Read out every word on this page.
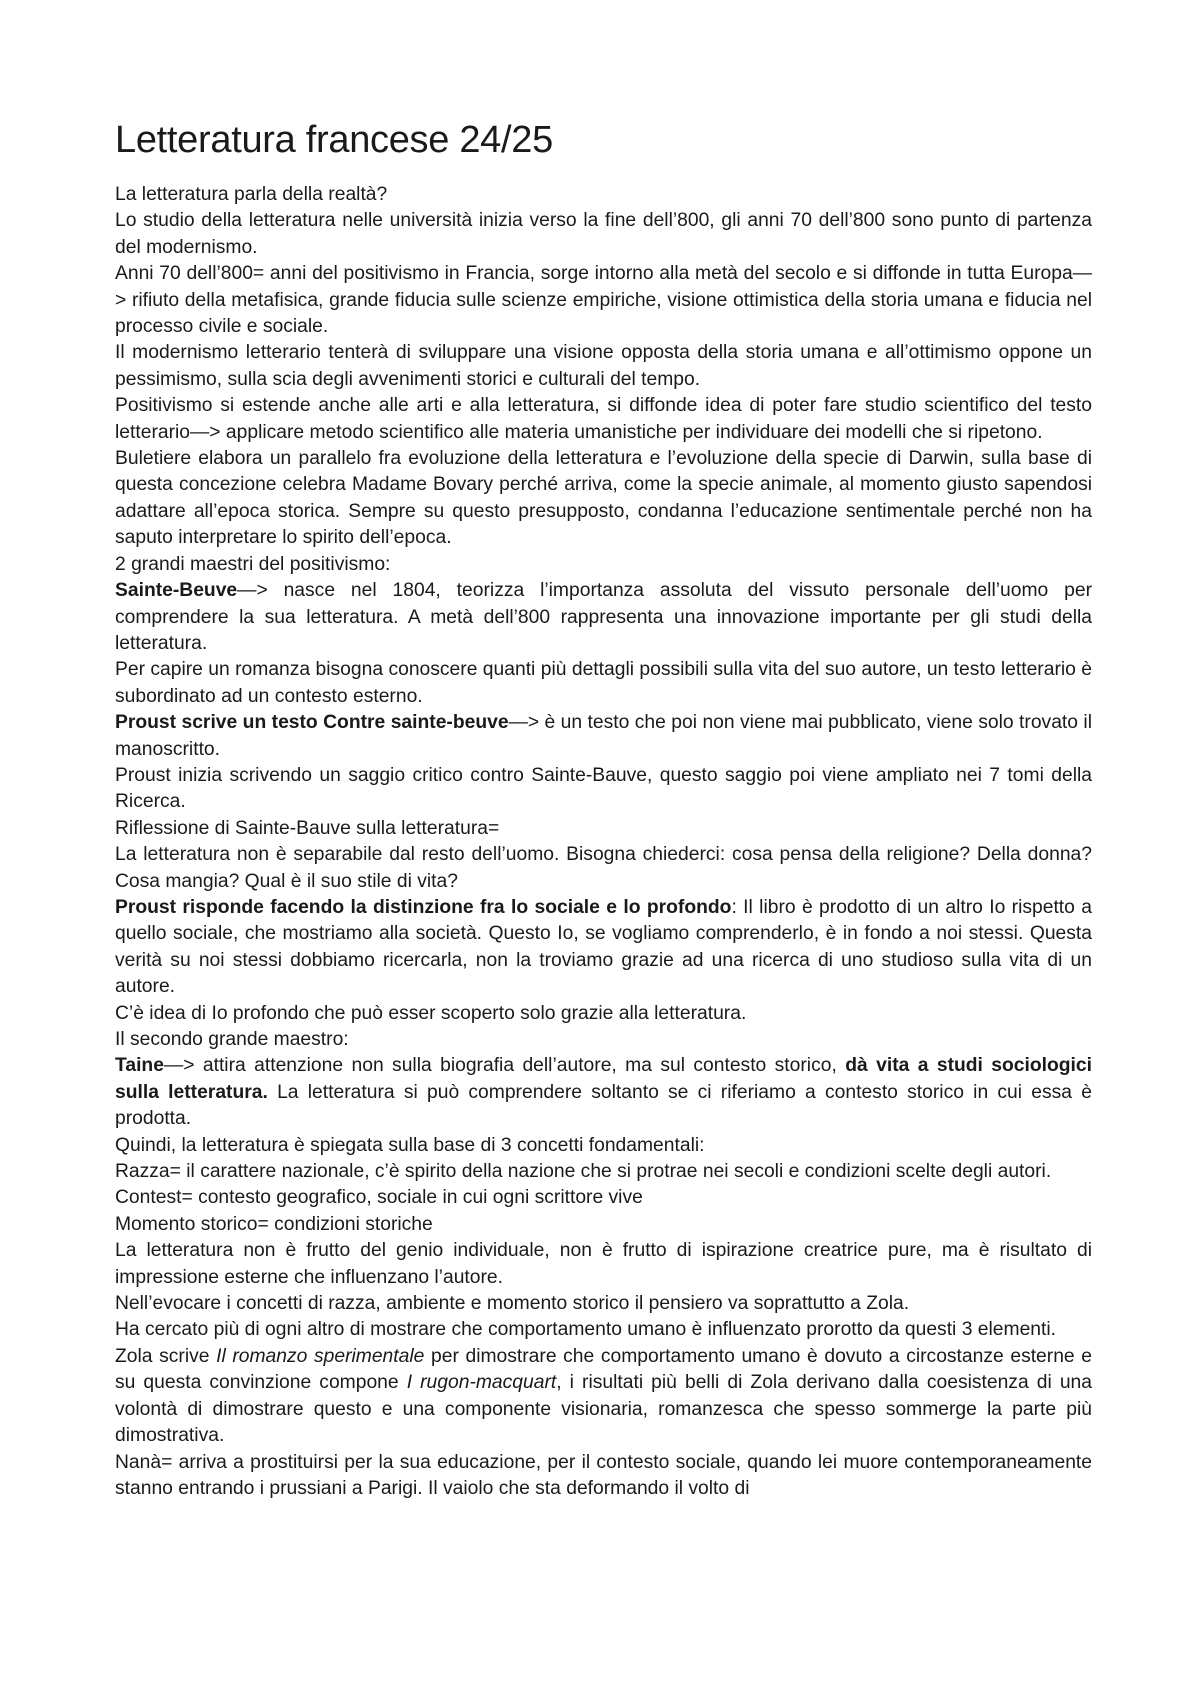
Letteratura francese 24/25

La letteratura parla della realtà?

Lo studio della letteratura nelle università inizia verso la fine dell’800, gli anni 70 dell’800 sono punto di partenza del modernismo.

Anni 70 dell’800= anni del positivismo in Francia, sorge intorno alla metà del secolo e si diffonde in tutta Europa—> rifiuto della metafisica, grande fiducia sulle scienze empiriche, visione ottimistica della storia umana e fiducia nel processo civile e sociale.

Il modernismo letterario tenterà di sviluppare una visione opposta della storia umana e all’ottimismo oppone un pessimismo, sulla scia degli avvenimenti storici e culturali del tempo.

Positivismo si estende anche alle arti e alla letteratura, si diffonde idea di poter fare studio scientifico del testo letterario—> applicare metodo scientifico alle materia umanistiche per individuare dei modelli che si ripetono.

Buletiere elabora un parallelo fra evoluzione della letteratura e l’evoluzione della specie di Darwin, sulla base di questa concezione celebra Madame Bovary perché arriva, come la specie animale, al momento giusto sapendosi adattare all’epoca storica. Sempre su questo presupposto, condanna l’educazione sentimentale perché non ha saputo interpretare lo spirito dell’epoca.

2 grandi maestri del positivismo:

Sainte-Beuve—> nasce nel 1804, teorizza l’importanza assoluta del vissuto personale dell’uomo per comprendere la sua letteratura. A metà dell’800 rappresenta una innovazione importante per gli studi della letteratura.

Per capire un romanza bisogna conoscere quanti più dettagli possibili sulla vita del suo autore, un testo letterario è subordinato ad un contesto esterno.

Proust scrive un testo Contre sainte-beuve—> è un testo che poi non viene mai pubblicato, viene solo trovato il manoscritto.

Proust inizia scrivendo un saggio critico contro Sainte-Bauve, questo saggio poi viene ampliato nei 7 tomi della Ricerca.

Riflessione di Sainte-Bauve sulla letteratura=

La letteratura non è separabile dal resto dell’uomo. Bisogna chiederci: cosa pensa della religione? Della donna? Cosa mangia? Qual è il suo stile di vita?

Proust risponde facendo la distinzione fra lo sociale e lo profondo: Il libro è prodotto di un altro Io rispetto a quello sociale, che mostriamo alla società. Questo Io, se vogliamo comprenderlo, è in fondo a noi stessi. Questa verità su noi stessi dobbiamo ricercarla, non la troviamo grazie ad una ricerca di uno studioso sulla vita di un autore.

C’è idea di Io profondo che può esser scoperto solo grazie alla letteratura.

Il secondo grande maestro:

Taine—> attira attenzione non sulla biografia dell’autore, ma sul contesto storico, dà vita a studi sociologici sulla letteratura. La letteratura si può comprendere soltanto se ci riferiamo a contesto storico in cui essa è prodotta.

Quindi, la letteratura è spiegata sulla base di 3 concetti fondamentali:

Razza= il carattere nazionale, c’è spirito della nazione che si protrae nei secoli e condizioni scelte degli autori.

Contest= contesto geografico, sociale in cui ogni scrittore vive

Momento storico= condizioni storiche

La letteratura non è frutto del genio individuale, non è frutto di ispirazione creatrice pure, ma è risultato di impressione esterne che influenzano l’autore.

Nell’evocare i concetti di razza, ambiente e momento storico il pensiero va soprattutto a Zola.

Ha cercato più di ogni altro di mostrare che comportamento umano è influenzato prorotto da questi 3 elementi.

Zola scrive Il romanzo sperimentale per dimostrare che comportamento umano è dovuto a circostanze esterne e su questa convinzione compone I rugon-macquart, i risultati più belli di Zola derivano dalla coesistenza di una volontà di dimostrare questo e una componente visionaria, romanzesca che spesso sommerge la parte più dimostrativa.

Nanà= arriva a prostituirsi per la sua educazione, per il contesto sociale, quando lei muore contemporaneamente stanno entrando i prussiani a Parigi. Il vaiolo che sta deformando il volto di
